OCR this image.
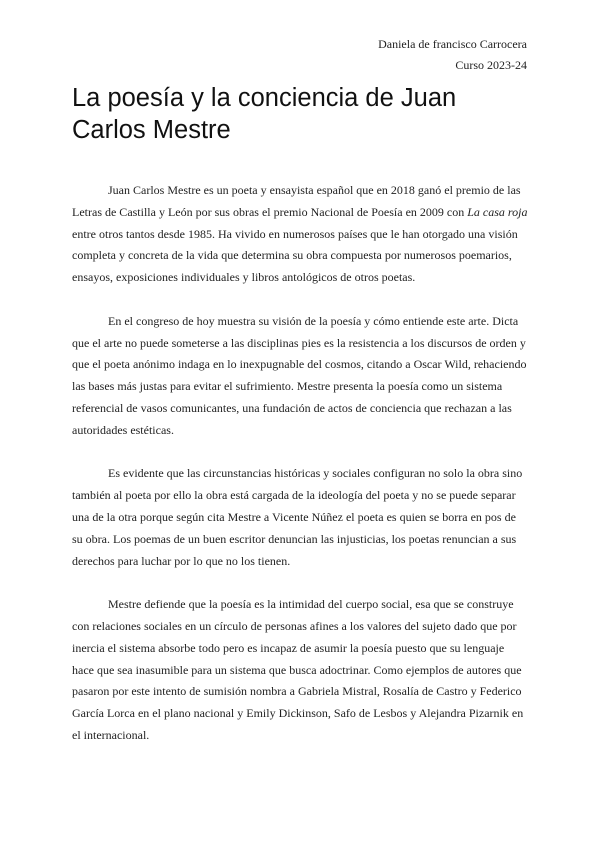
Daniela de francisco Carrocera
Curso 2023-24
La poesía y la conciencia de Juan Carlos Mestre

Juan Carlos Mestre es un poeta y ensayista español que en 2018 ganó el premio de las Letras de Castilla y León por sus obras el premio Nacional de Poesía en 2009 con La casa roja entre otros tantos desde 1985. Ha vivido en numerosos países que le han otorgado una visión completa y concreta de la vida que determina su obra compuesta por numerosos poemarios, ensayos, exposiciones individuales y libros antológicos de otros poetas.

En el congreso de hoy muestra su visión de la poesía y cómo entiende este arte. Dicta que el arte no puede someterse a las disciplinas pies es la resistencia a los discursos de orden y que el poeta anónimo indaga en lo inexpugnable del cosmos, citando a Oscar Wild, rehaciendo las bases más justas para evitar el sufrimiento. Mestre presenta la poesía como un sistema referencial de vasos comunicantes, una fundación de actos de conciencia que rechazan a las autoridades estéticas.

Es evidente que las circunstancias históricas y sociales configuran no solo la obra sino también al poeta por ello la obra está cargada de la ideología del poeta y no se puede separar una de la otra porque según cita Mestre a Vicente Núñez el poeta es quien se borra en pos de su obra. Los poemas de un buen escritor denuncian las injusticias, los poetas renuncian a sus derechos para luchar por lo que no los tienen.

Mestre defiende que la poesía es la intimidad del cuerpo social, esa que se construye con relaciones sociales en un círculo de personas afines a los valores del sujeto dado que por inercia el sistema absorbe todo pero es incapaz de asumir la poesía puesto que su lenguaje hace que sea inasumible para un sistema que busca adoctrinar. Como ejemplos de autores que pasaron por este intento de sumisión nombra a Gabriela Mistral, Rosalía de Castro y Federico García Lorca en el plano nacional y Emily Dickinson, Safo de Lesbos y Alejandra Pizarnik en el internacional.
